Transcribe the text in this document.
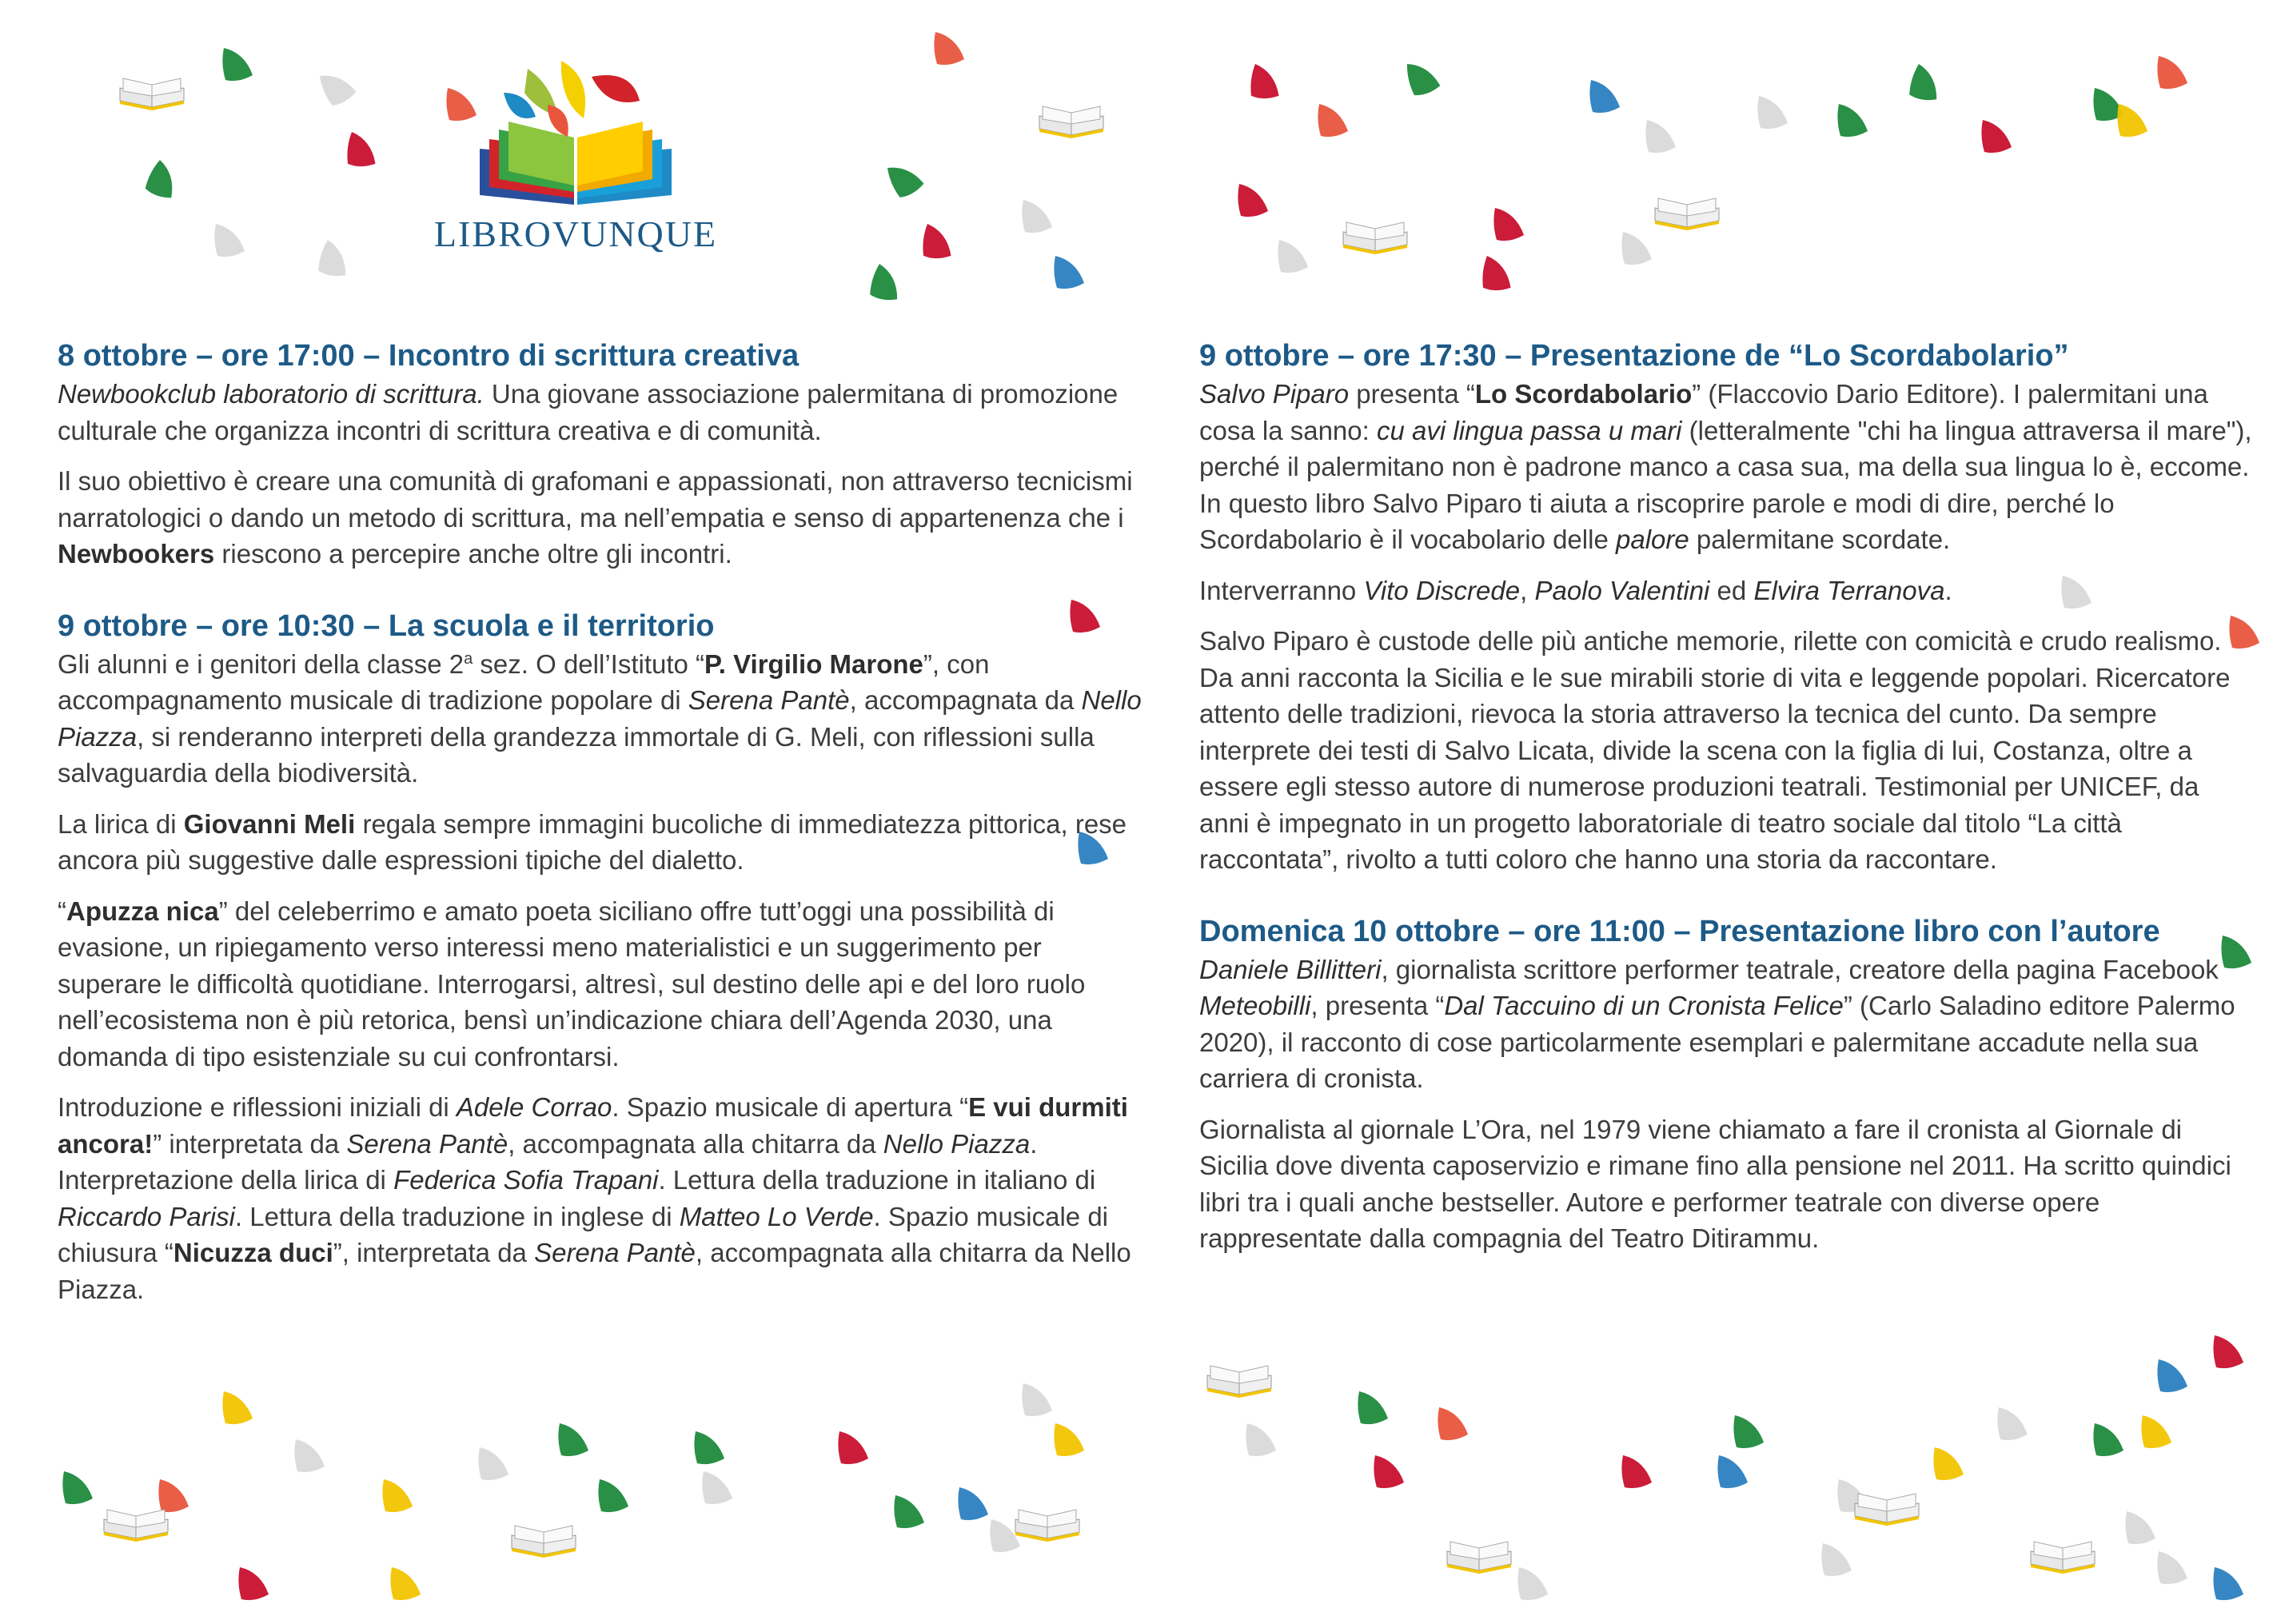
LIBROVUNQUE
8 ottobre – ore 17:00 – Incontro di scrittura creativa

Newbookclub laboratorio di scrittura. Una giovane associazione palermitana di promozione culturale che organizza incontri di scrittura creativa e di comunità.

Il suo obiettivo è creare una comunità di grafomani e appassionati, non attraverso tecnicismi narratologici o dando un metodo di scrittura, ma nell’empatia e senso di appartenenza che i Newbookers riescono a percepire anche oltre gli incontri.

9 ottobre – ore 10:30 – La scuola e il territorio

Gli alunni e i genitori della classe 2$^a$ sez. O dell’Istituto “P. Virgilio Marone”, con accompagnamento musicale di tradizione popolare di Serena Pantè, accompagnata da Nello Piazza, si renderanno interpreti della grandezza immortale di G. Meli, con riflessioni sulla salvaguardia della biodiversità.

La lirica di Giovanni Meli regala sempre immagini bucoliche di immediatezza pittorica, rese ancora più suggestive dalle espressioni tipiche del dialetto.

“Apuzza nica” del celeberrimo e amato poeta siciliano offre tutt’oggi una possibilità di evasione, un ripiegamento verso interessi meno materialistici e un suggerimento per superare le difficoltà quotidiane. Interrogarsi, altresì, sul destino delle api e del loro ruolo nell’ecosistema non è più retorica, bensì un’indicazione chiara dell’Agenda 2030, una domanda di tipo esistenziale su cui confrontarsi.

Introduzione e riflessioni iniziali di Adele Corrao. Spazio musicale di apertura “E vui durmiti ancora!” interpretata da Serena Pantè, accompagnata alla chitarra da Nello Piazza. Interpretazione della lirica di Federica Sofia Trapani. Lettura della traduzione in italiano di Riccardo Parisi. Lettura della traduzione in inglese di Matteo Lo Verde. Spazio musicale di chiusura “Nicuzza duci”, interpretata da Serena Pantè, accompagnata alla chitarra da Nello Piazza.

9 ottobre – ore 17:30 – Presentazione de “Lo Scordabolario”

Salvo Piparo presenta “Lo Scordabolario” (Flaccovio Dario Editore). I palermitani una cosa la sanno: cu avi lingua passa u mari (letteralmente "chi ha lingua attraversa il mare"), perché il palermitano non è padrone manco a casa sua, ma della sua lingua lo è, eccome. In questo libro Salvo Piparo ti aiuta a riscoprire parole e modi di dire, perché lo Scordabolario è il vocabolario delle palore palermitane scordate.

Interverranno Vito Discrede, Paolo Valentini ed Elvira Terranova.

Salvo Piparo è custode delle più antiche memorie, rilette con comicità e crudo realismo. Da anni racconta la Sicilia e le sue mirabili storie di vita e leggende popolari. Ricercatore attento delle tradizioni, rievoca la storia attraverso la tecnica del cunto. Da sempre interprete dei testi di Salvo Licata, divide la scena con la figlia di lui, Costanza, oltre a essere egli stesso autore di numerose produzioni teatrali. Testimonial per UNICEF, da anni è impegnato in un progetto laboratoriale di teatro sociale dal titolo “La città raccontata”, rivolto a tutti coloro che hanno una storia da raccontare.

Domenica 10 ottobre – ore 11:00 – Presentazione libro con l’autore

Daniele Billitteri, giornalista scrittore performer teatrale, creatore della pagina Facebook Meteobilli, presenta “Dal Taccuino di un Cronista Felice” (Carlo Saladino editore Palermo 2020), il racconto di cose particolarmente esemplari e palermitane accadute nella sua carriera di cronista.

Giornalista al giornale L’Ora, nel 1979 viene chiamato a fare il cronista al Giornale di Sicilia dove diventa caposervizio e rimane fino alla pensione nel 2011. Ha scritto quindici libri tra i quali anche bestseller. Autore e performer teatrale con diverse opere rappresentate dalla compagnia del Teatro Ditirammu.
